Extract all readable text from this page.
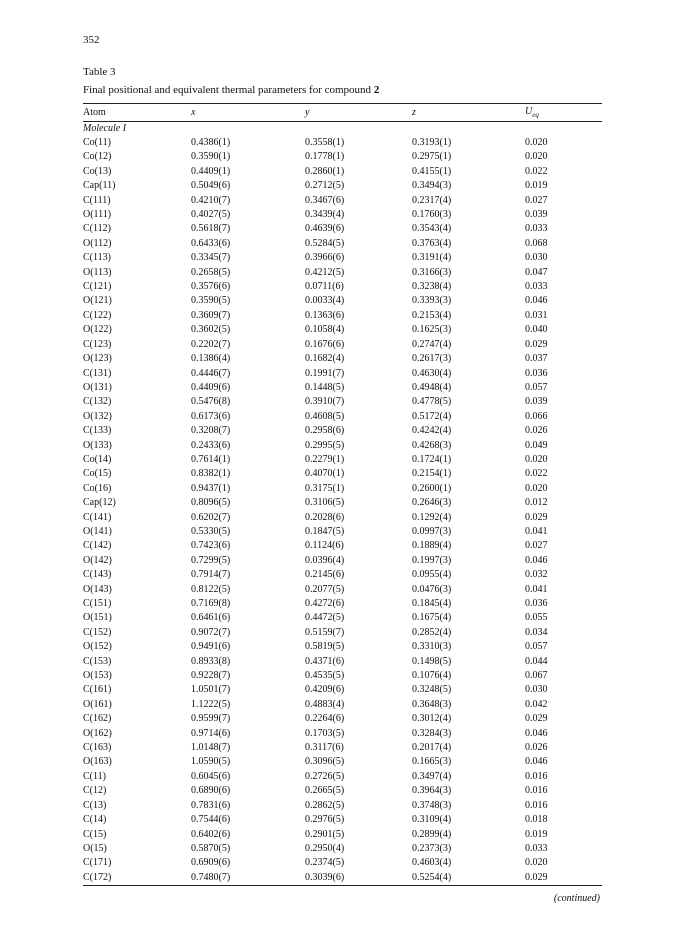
352
Table 3
Final positional and equivalent thermal parameters for compound 2
Atom	x	y	z	$U_{eq}$
Molecule I				
Co(11)	0.4386(1)	0.3558(1)	0.3193(1)	0.020
Co(12)	0.3590(1)	0.1778(1)	0.2975(1)	0.020
Co(13)	0.4409(1)	0.2860(1)	0.4155(1)	0.022
Cap(11)	0.5049(6)	0.2712(5)	0.3494(3)	0.019
C(111)	0.4210(7)	0.3467(6)	0.2317(4)	0.027
O(111)	0.4027(5)	0.3439(4)	0.1760(3)	0.039
C(112)	0.5618(7)	0.4639(6)	0.3543(4)	0.033
O(112)	0.6433(6)	0.5284(5)	0.3763(4)	0.068
C(113)	0.3345(7)	0.3966(6)	0.3191(4)	0.030
O(113)	0.2658(5)	0.4212(5)	0.3166(3)	0.047
C(121)	0.3576(6)	0.0711(6)	0.3238(4)	0.033
O(121)	0.3590(5)	0.0033(4)	0.3393(3)	0.046
C(122)	0.3609(7)	0.1363(6)	0.2153(4)	0.031
O(122)	0.3602(5)	0.1058(4)	0.1625(3)	0.040
C(123)	0.2202(7)	0.1676(6)	0.2747(4)	0.029
O(123)	0.1386(4)	0.1682(4)	0.2617(3)	0.037
C(131)	0.4446(7)	0.1991(7)	0.4630(4)	0.036
O(131)	0.4409(6)	0.1448(5)	0.4948(4)	0.057
C(132)	0.5476(8)	0.3910(7)	0.4778(5)	0.039
O(132)	0.6173(6)	0.4608(5)	0.5172(4)	0.066
C(133)	0.3208(7)	0.2958(6)	0.4242(4)	0.026
O(133)	0.2433(6)	0.2995(5)	0.4268(3)	0.049
Co(14)	0.7614(1)	0.2279(1)	0.1724(1)	0.020
Co(15)	0.8382(1)	0.4070(1)	0.2154(1)	0.022
Co(16)	0.9437(1)	0.3175(1)	0.2600(1)	0.020
Cap(12)	0.8096(5)	0.3106(5)	0.2646(3)	0.012
C(141)	0.6202(7)	0.2028(6)	0.1292(4)	0.029
O(141)	0.5330(5)	0.1847(5)	0.0997(3)	0.041
C(142)	0.7423(6)	0.1124(6)	0.1889(4)	0.027
O(142)	0.7299(5)	0.0396(4)	0.1997(3)	0.046
C(143)	0.7914(7)	0.2145(6)	0.0955(4)	0.032
O(143)	0.8122(5)	0.2077(5)	0.0476(3)	0.041
C(151)	0.7169(8)	0.4272(6)	0.1845(4)	0.036
O(151)	0.6461(6)	0.4472(5)	0.1675(4)	0.055
C(152)	0.9072(7)	0.5159(7)	0.2852(4)	0.034
O(152)	0.9491(6)	0.5819(5)	0.3310(3)	0.057
C(153)	0.8933(8)	0.4371(6)	0.1498(5)	0.044
O(153)	0.9228(7)	0.4535(5)	0.1076(4)	0.067
C(161)	1.0501(7)	0.4209(6)	0.3248(5)	0.030
O(161)	1.1222(5)	0.4883(4)	0.3648(3)	0.042
C(162)	0.9599(7)	0.2264(6)	0.3012(4)	0.029
O(162)	0.9714(6)	0.1703(5)	0.3284(3)	0.046
C(163)	1.0148(7)	0.3117(6)	0.2017(4)	0.026
O(163)	1.0590(5)	0.3096(5)	0.1665(3)	0.046
C(11)	0.6045(6)	0.2726(5)	0.3497(4)	0.016
C(12)	0.6890(6)	0.2665(5)	0.3964(3)	0.016
C(13)	0.7831(6)	0.2862(5)	0.3748(3)	0.016
C(14)	0.7544(6)	0.2976(5)	0.3109(4)	0.018
C(15)	0.6402(6)	0.2901(5)	0.2899(4)	0.019
O(15)	0.5870(5)	0.2950(4)	0.2373(3)	0.033
C(171)	0.6909(6)	0.2374(5)	0.4603(4)	0.020
C(172)	0.7480(7)	0.3039(6)	0.5254(4)	0.029
(continued)
